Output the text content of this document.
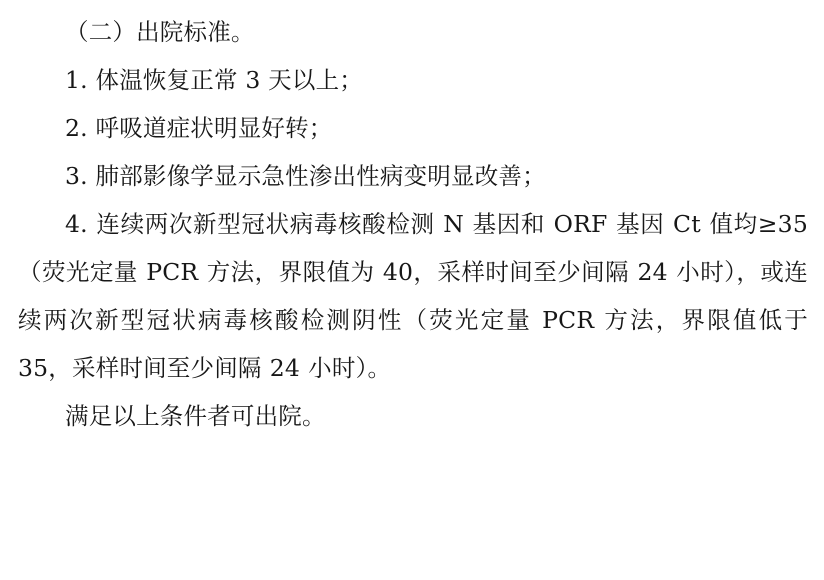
（二）出院标准。

1. 体温恢复正常 3 天以上；

2. 呼吸道症状明显好转；

3. 肺部影像学显示急性渗出性病变明显改善；

4. 连续两次新型冠状病毒核酸检测 N 基因和 ORF 基因 Ct 值均≥35（荧光定量 PCR 方法，界限值为 40，采样时间至少间隔 24 小时），或连续两次新型冠状病毒核酸检测阴性（荧光定量 PCR 方法，界限值低于 35，采样时间至少间隔 24 小时）。

满足以上条件者可出院。
